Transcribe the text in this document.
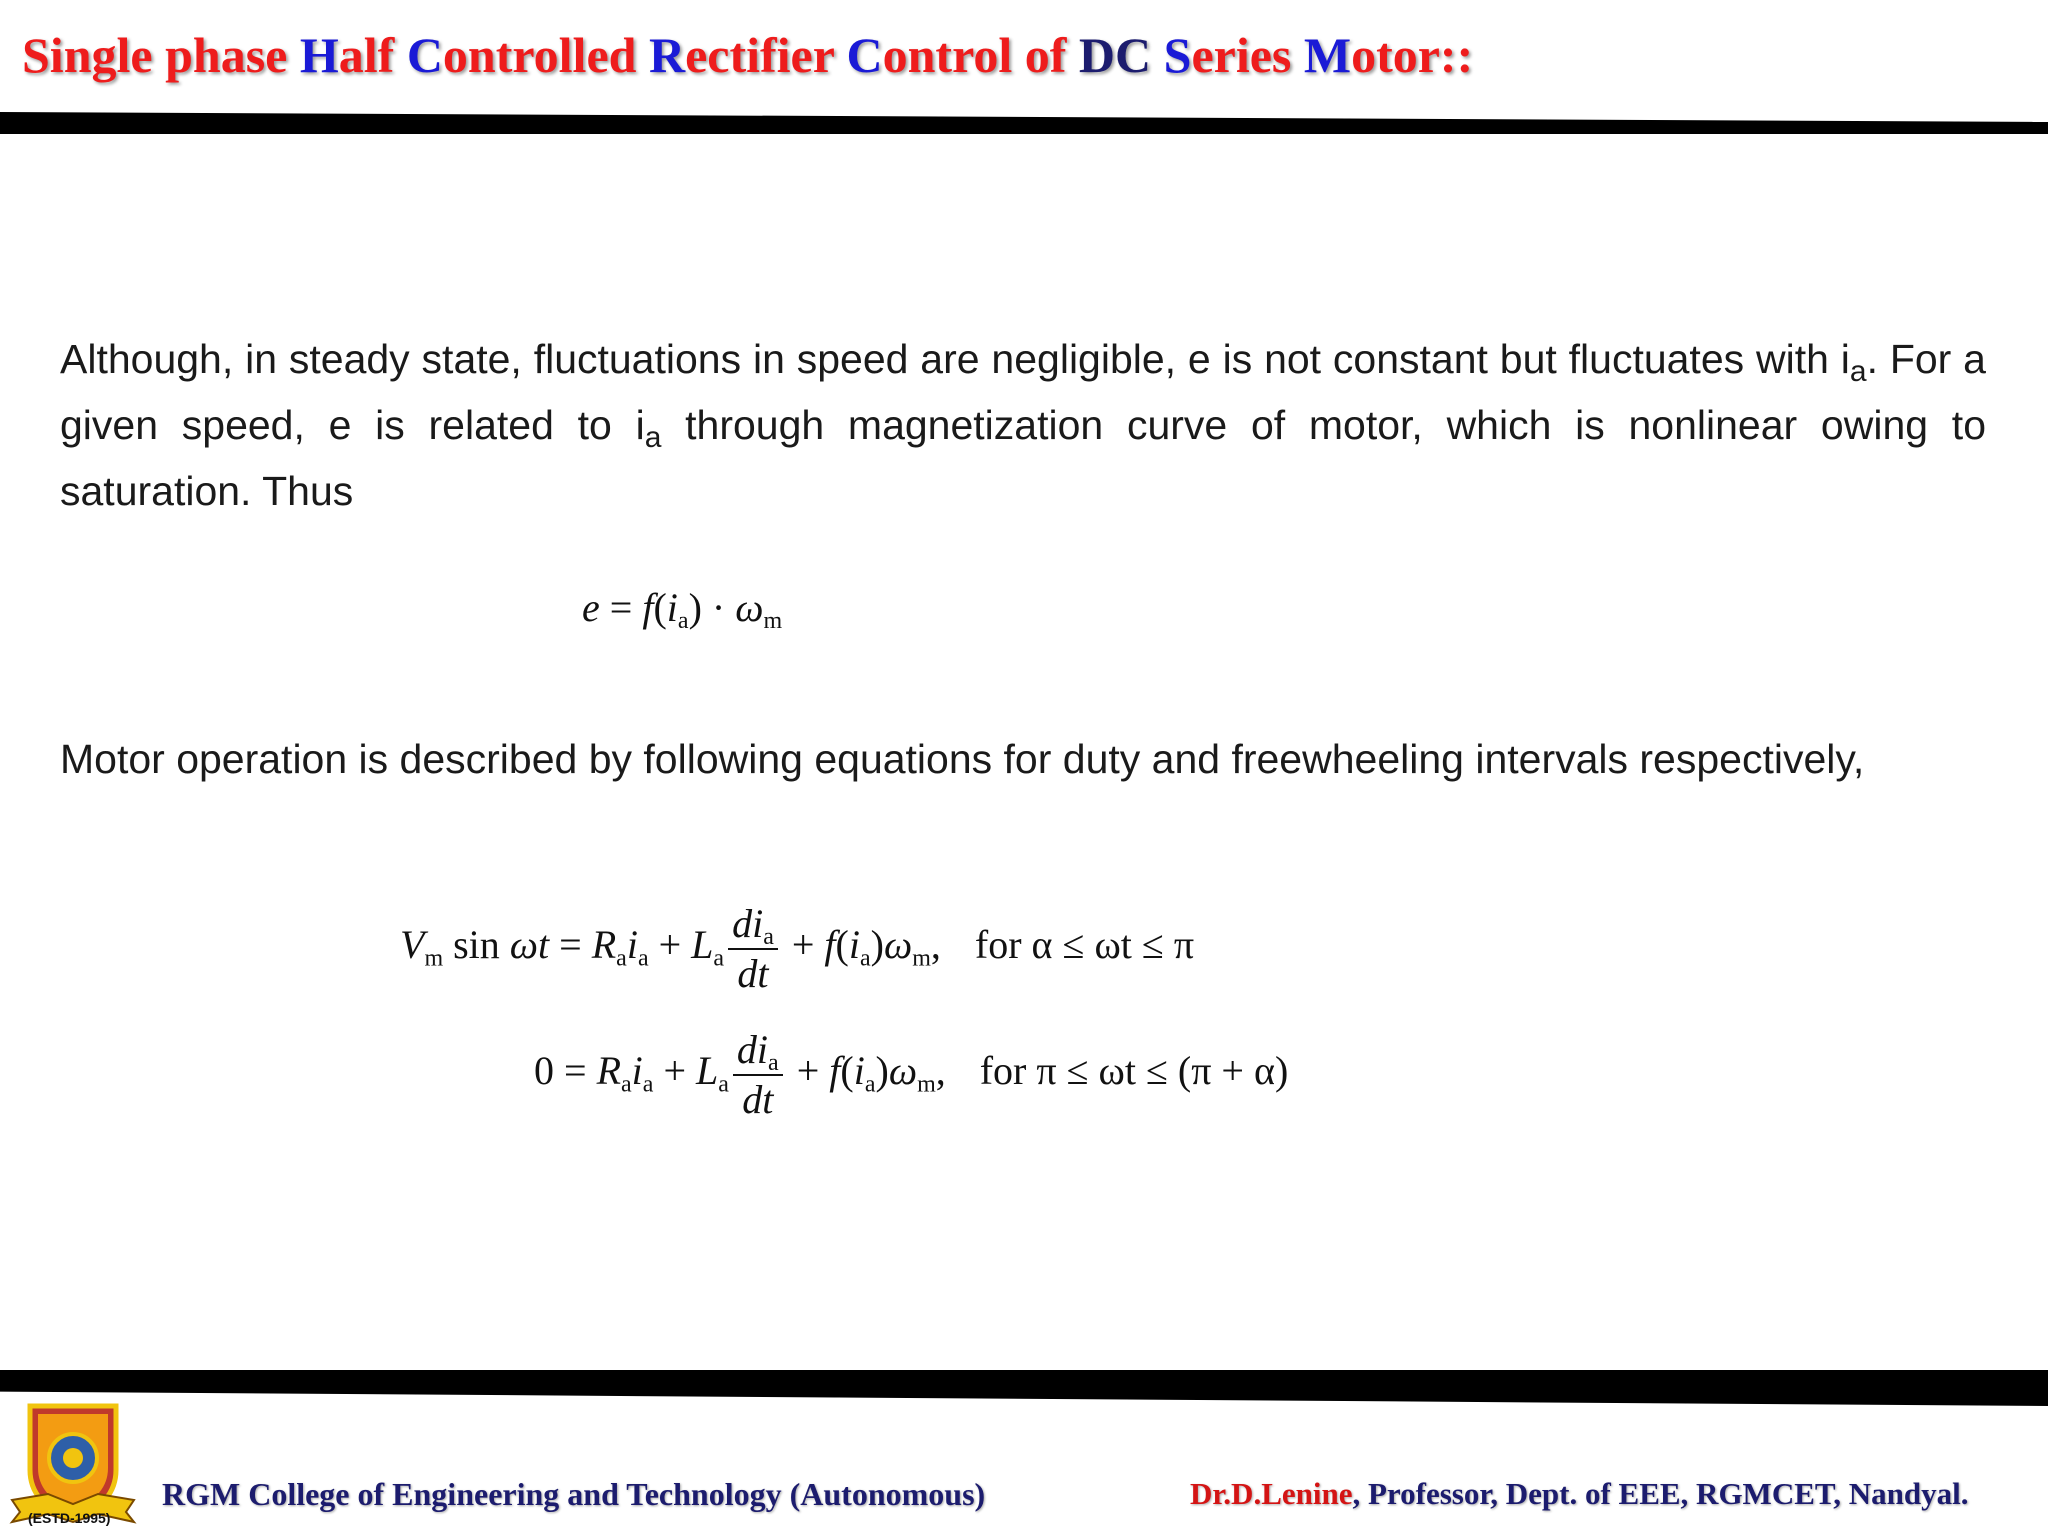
Single phase Half Controlled Rectifier Control of DC Series Motor::

Although, in steady state, fluctuations in speed are negligible, e is not constant but fluctuates with $i_a$. For a given speed, e is related to $i_a$ through magnetization curve of motor, which is nonlinear owing to saturation. Thus

$e = f(i_a) \cdot \omega_m$

Motor operation is described by following equations for duty and freewheeling intervals respectively,

$V_m$ $\sin \omega t = R_ai_a + L_a \frac{di_a}{dt} + f(i_a)\omega_m$, for α ≤ ωt ≤ π
$0 = R_ai_a + L_a \frac{di_a}{dt} + f(i_a)\omega_m$, for π ≤ ωt ≤ (π + α)
(ESTD-1995)

RGM College of Engineering and Technology (Autonomous)	Dr.D.Lenine, Professor, Dept. of EEE, RGMCET, Nandyal.
